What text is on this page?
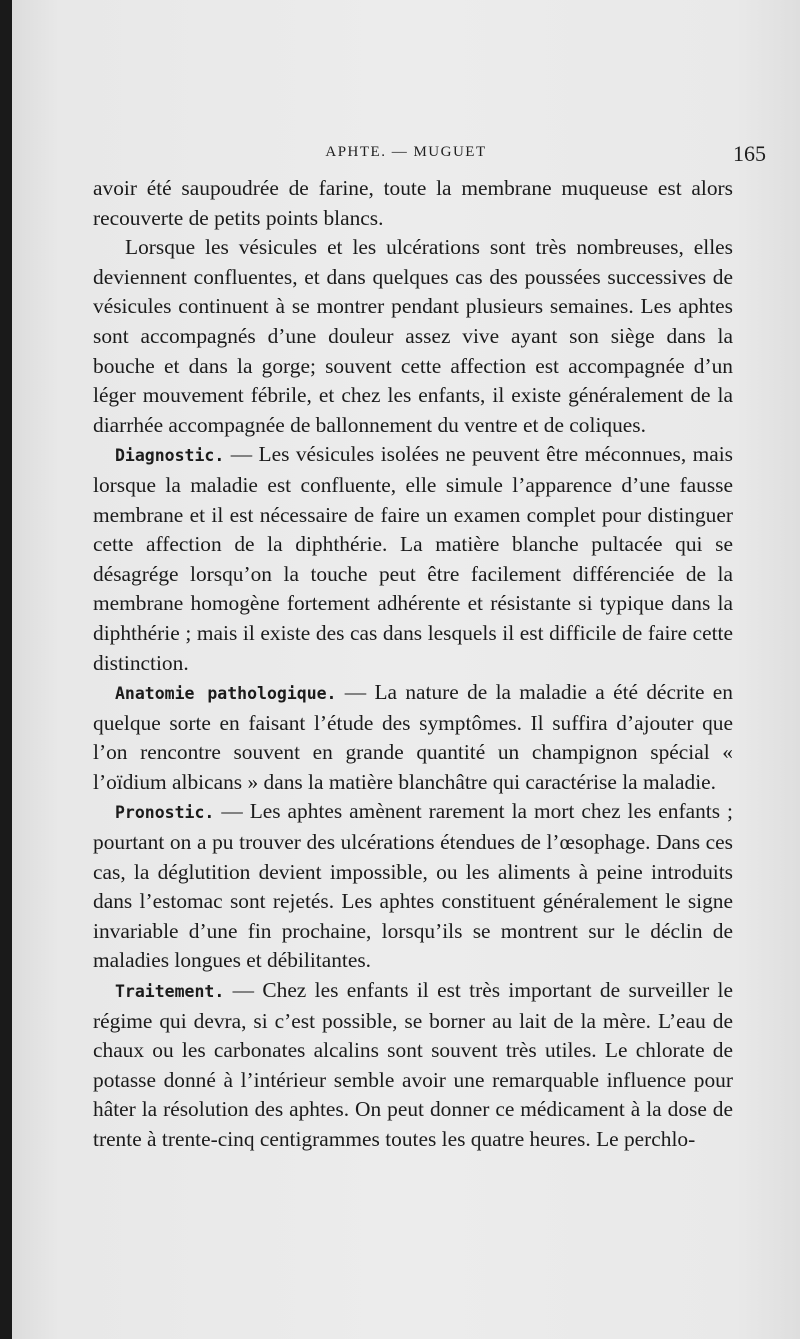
APHTE. — MUGUET	165

avoir été saupoudrée de farine, toute la membrane muqueuse est alors recouverte de petits points blancs.

Lorsque les vésicules et les ulcérations sont très nombreuses, elles deviennent confluentes, et dans quelques cas des poussées successives de vésicules continuent à se montrer pendant plusieurs semaines. Les aphtes sont accompagnés d’une douleur assez vive ayant son siège dans la bouche et dans la gorge; souvent cette affection est accompagnée d’un léger mouvement fébrile, et chez les enfants, il existe généralement de la diarrhée accompagnée de ballonnement du ventre et de coliques.

Diagnostic. — Les vésicules isolées ne peuvent être méconnues, mais lorsque la maladie est confluente, elle simule l’apparence d’une fausse membrane et il est nécessaire de faire un examen complet pour distinguer cette affection de la diphthérie. La matière blanche pultacée qui se désagrége lorsqu’on la touche peut être facilement différenciée de la membrane homogène fortement adhérente et résistante si typique dans la diphthérie ; mais il existe des cas dans lesquels il est difficile de faire cette distinction.

Anatomie pathologique. — La nature de la maladie a été décrite en quelque sorte en faisant l’étude des symptômes. Il suffira d’ajouter que l’on rencontre souvent en grande quantité un champignon spécial « l’oïdium albicans » dans la matière blanchâtre qui caractérise la maladie.

Pronostic. — Les aphtes amènent rarement la mort chez les enfants ; pourtant on a pu trouver des ulcérations étendues de l’œsophage. Dans ces cas, la déglutition devient impossible, ou les aliments à peine introduits dans l’estomac sont rejetés. Les aphtes constituent généralement le signe invariable d’une fin prochaine, lorsqu’ils se montrent sur le déclin de maladies longues et débilitantes.

Traitement. — Chez les enfants il est très important de surveiller le régime qui devra, si c’est possible, se borner au lait de la mère. L’eau de chaux ou les carbonates alcalins sont souvent très utiles. Le chlorate de potasse donné à l’intérieur semble avoir une remarquable influence pour hâter la résolution des aphtes. On peut donner ce médicament à la dose de trente à trente-cinq centigrammes toutes les quatre heures. Le perchlo-
